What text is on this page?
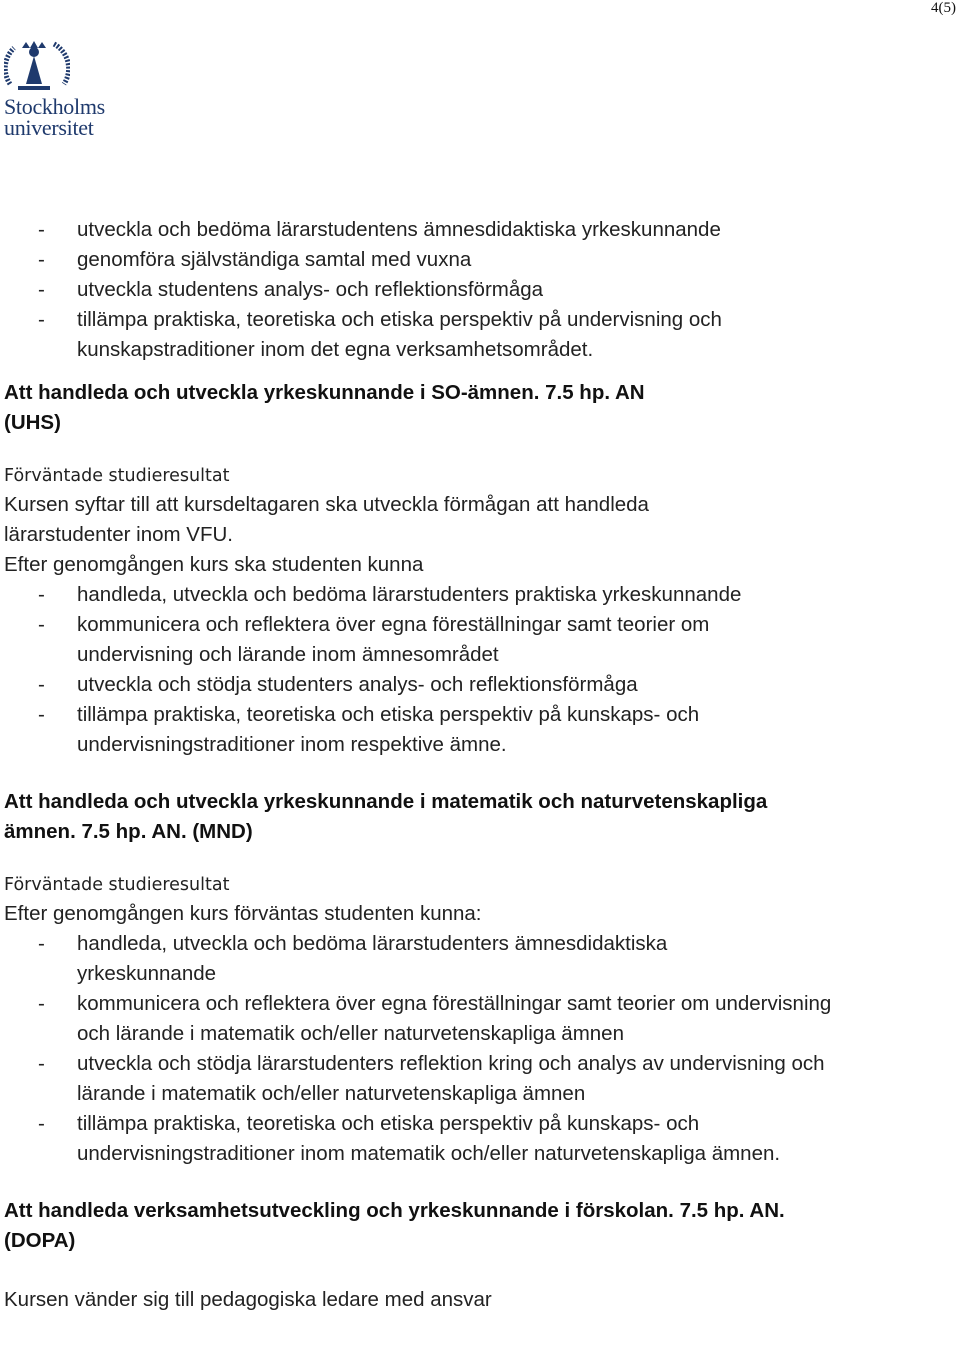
4(5)
Stockholms
universitet
- utveckla och bedöma lärarstudentens ämnesdidaktiska yrkeskunnande
- genomföra självständiga samtal med vuxna
- utveckla studentens analys- och reflektionsförmåga
- tillämpa praktiska, teoretiska och etiska perspektiv på undervisning och kunskapstraditioner inom det egna verksamhetsområdet.

Att handleda och utveckla yrkeskunnande i SO-ämnen. 7.5 hp. AN (UHS)

Förväntade studieresultat

Kursen syftar till att kursdeltagaren ska utveckla förmågan att handleda lärarstudenter inom VFU.

Efter genomgången kurs ska studenten kunna

- handleda, utveckla och bedöma lärarstudenters praktiska yrkeskunnande
- kommunicera och reflektera över egna föreställningar samt teorier om undervisning och lärande inom ämnesområdet
- utveckla och stödja studenters analys- och reflektionsförmåga
- tillämpa praktiska, teoretiska och etiska perspektiv på kunskaps- och undervisningstraditioner inom respektive ämne.

Att handleda och utveckla yrkeskunnande i matematik och naturvetenskapliga ämnen. 7.5 hp. AN. (MND)

Förväntade studieresultat

Efter genomgången kurs förväntas studenten kunna:

- handleda, utveckla och bedöma lärarstudenters ämnesdidaktiska yrkeskunnande
- kommunicera och reflektera över egna föreställningar samt teorier om undervisning och lärande i matematik och/eller naturvetenskapliga ämnen
- utveckla och stödja lärarstudenters reflektion kring och analys av undervisning och lärande i matematik och/eller naturvetenskapliga ämnen
- tillämpa praktiska, teoretiska och etiska perspektiv på kunskaps- och undervisningstraditioner inom matematik och/eller naturvetenskapliga ämnen.

Att handleda verksamhetsutveckling och yrkeskunnande i förskolan. 7.5 hp. AN. (DOPA)

Kursen vänder sig till pedagogiska ledare med ansvar
